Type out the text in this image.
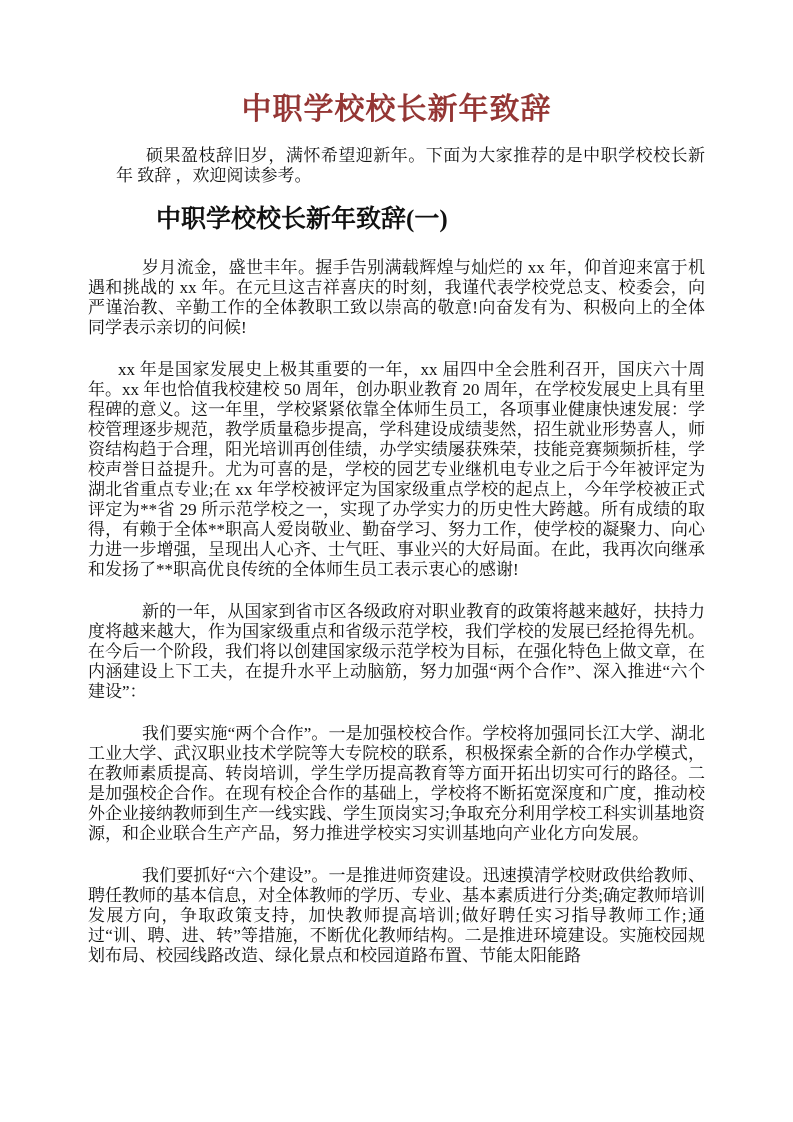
中职学校校长新年致辞

硕果盈枝辞旧岁，满怀希望迎新年。下面为大家推荐的是中职学校校长新年 致辞 ，欢迎阅读参考。

中职学校校长新年致辞(一)

岁月流金，盛世丰年。握手告别满载辉煌与灿烂的 xx 年，仰首迎来富于机遇和挑战的 xx 年。在元旦这吉祥喜庆的时刻，我谨代表学校党总支、校委会，向严谨治教、辛勤工作的全体教职工致以崇高的敬意!向奋发有为、积极向上的全体同学表示亲切的问候!

xx 年是国家发展史上极其重要的一年，xx 届四中全会胜利召开，国庆六十周年。xx 年也恰值我校建校 50 周年，创办职业教育 20 周年，在学校发展史上具有里程碑的意义。这一年里，学校紧紧依靠全体师生员工，各项事业健康快速发展：学校管理逐步规范，教学质量稳步提高，学科建设成绩斐然，招生就业形势喜人，师资结构趋于合理，阳光培训再创佳绩，办学实绩屡获殊荣，技能竞赛频频折桂，学校声誉日益提升。尤为可喜的是，学校的园艺专业继机电专业之后于今年被评定为湖北省重点专业;在 xx 年学校被评定为国家级重点学校的起点上，今年学校被正式评定为**省 29 所示范学校之一，实现了办学实力的历史性大跨越。所有成绩的取得，有赖于全体**职高人爱岗敬业、勤奋学习、努力工作，使学校的凝聚力、向心力进一步增强，呈现出人心齐、士气旺、事业兴的大好局面。在此，我再次向继承和发扬了**职高优良传统的全体师生员工表示衷心的感谢!

新的一年，从国家到省市区各级政府对职业教育的政策将越来越好，扶持力度将越来越大，作为国家级重点和省级示范学校，我们学校的发展已经抢得先机。在今后一个阶段，我们将以创建国家级示范学校为目标，在强化特色上做文章，在内涵建设上下工夫，在提升水平上动脑筋，努力加强“两个合作”、深入推进“六个建设”：

我们要实施“两个合作”。一是加强校校合作。学校将加强同长江大学、湖北工业大学、武汉职业技术学院等大专院校的联系，积极探索全新的合作办学模式，在教师素质提高、转岗培训，学生学历提高教育等方面开拓出切实可行的路径。二是加强校企合作。在现有校企合作的基础上，学校将不断拓宽深度和广度，推动校外企业接纳教师到生产一线实践、学生顶岗实习;争取充分利用学校工科实训基地资源，和企业联合生产产品，努力推进学校实习实训基地向产业化方向发展。

我们要抓好“六个建设”。一是推进师资建设。迅速摸清学校财政供给教师、聘任教师的基本信息，对全体教师的学历、专业、基本素质进行分类;确定教师培训发展方向，争取政策支持，加快教师提高培训;做好聘任实习指导教师工作;通过“训、聘、进、转”等措施，不断优化教师结构。二是推进环境建设。实施校园规划布局、校园线路改造、绿化景点和校园道路布置、节能太阳能路
